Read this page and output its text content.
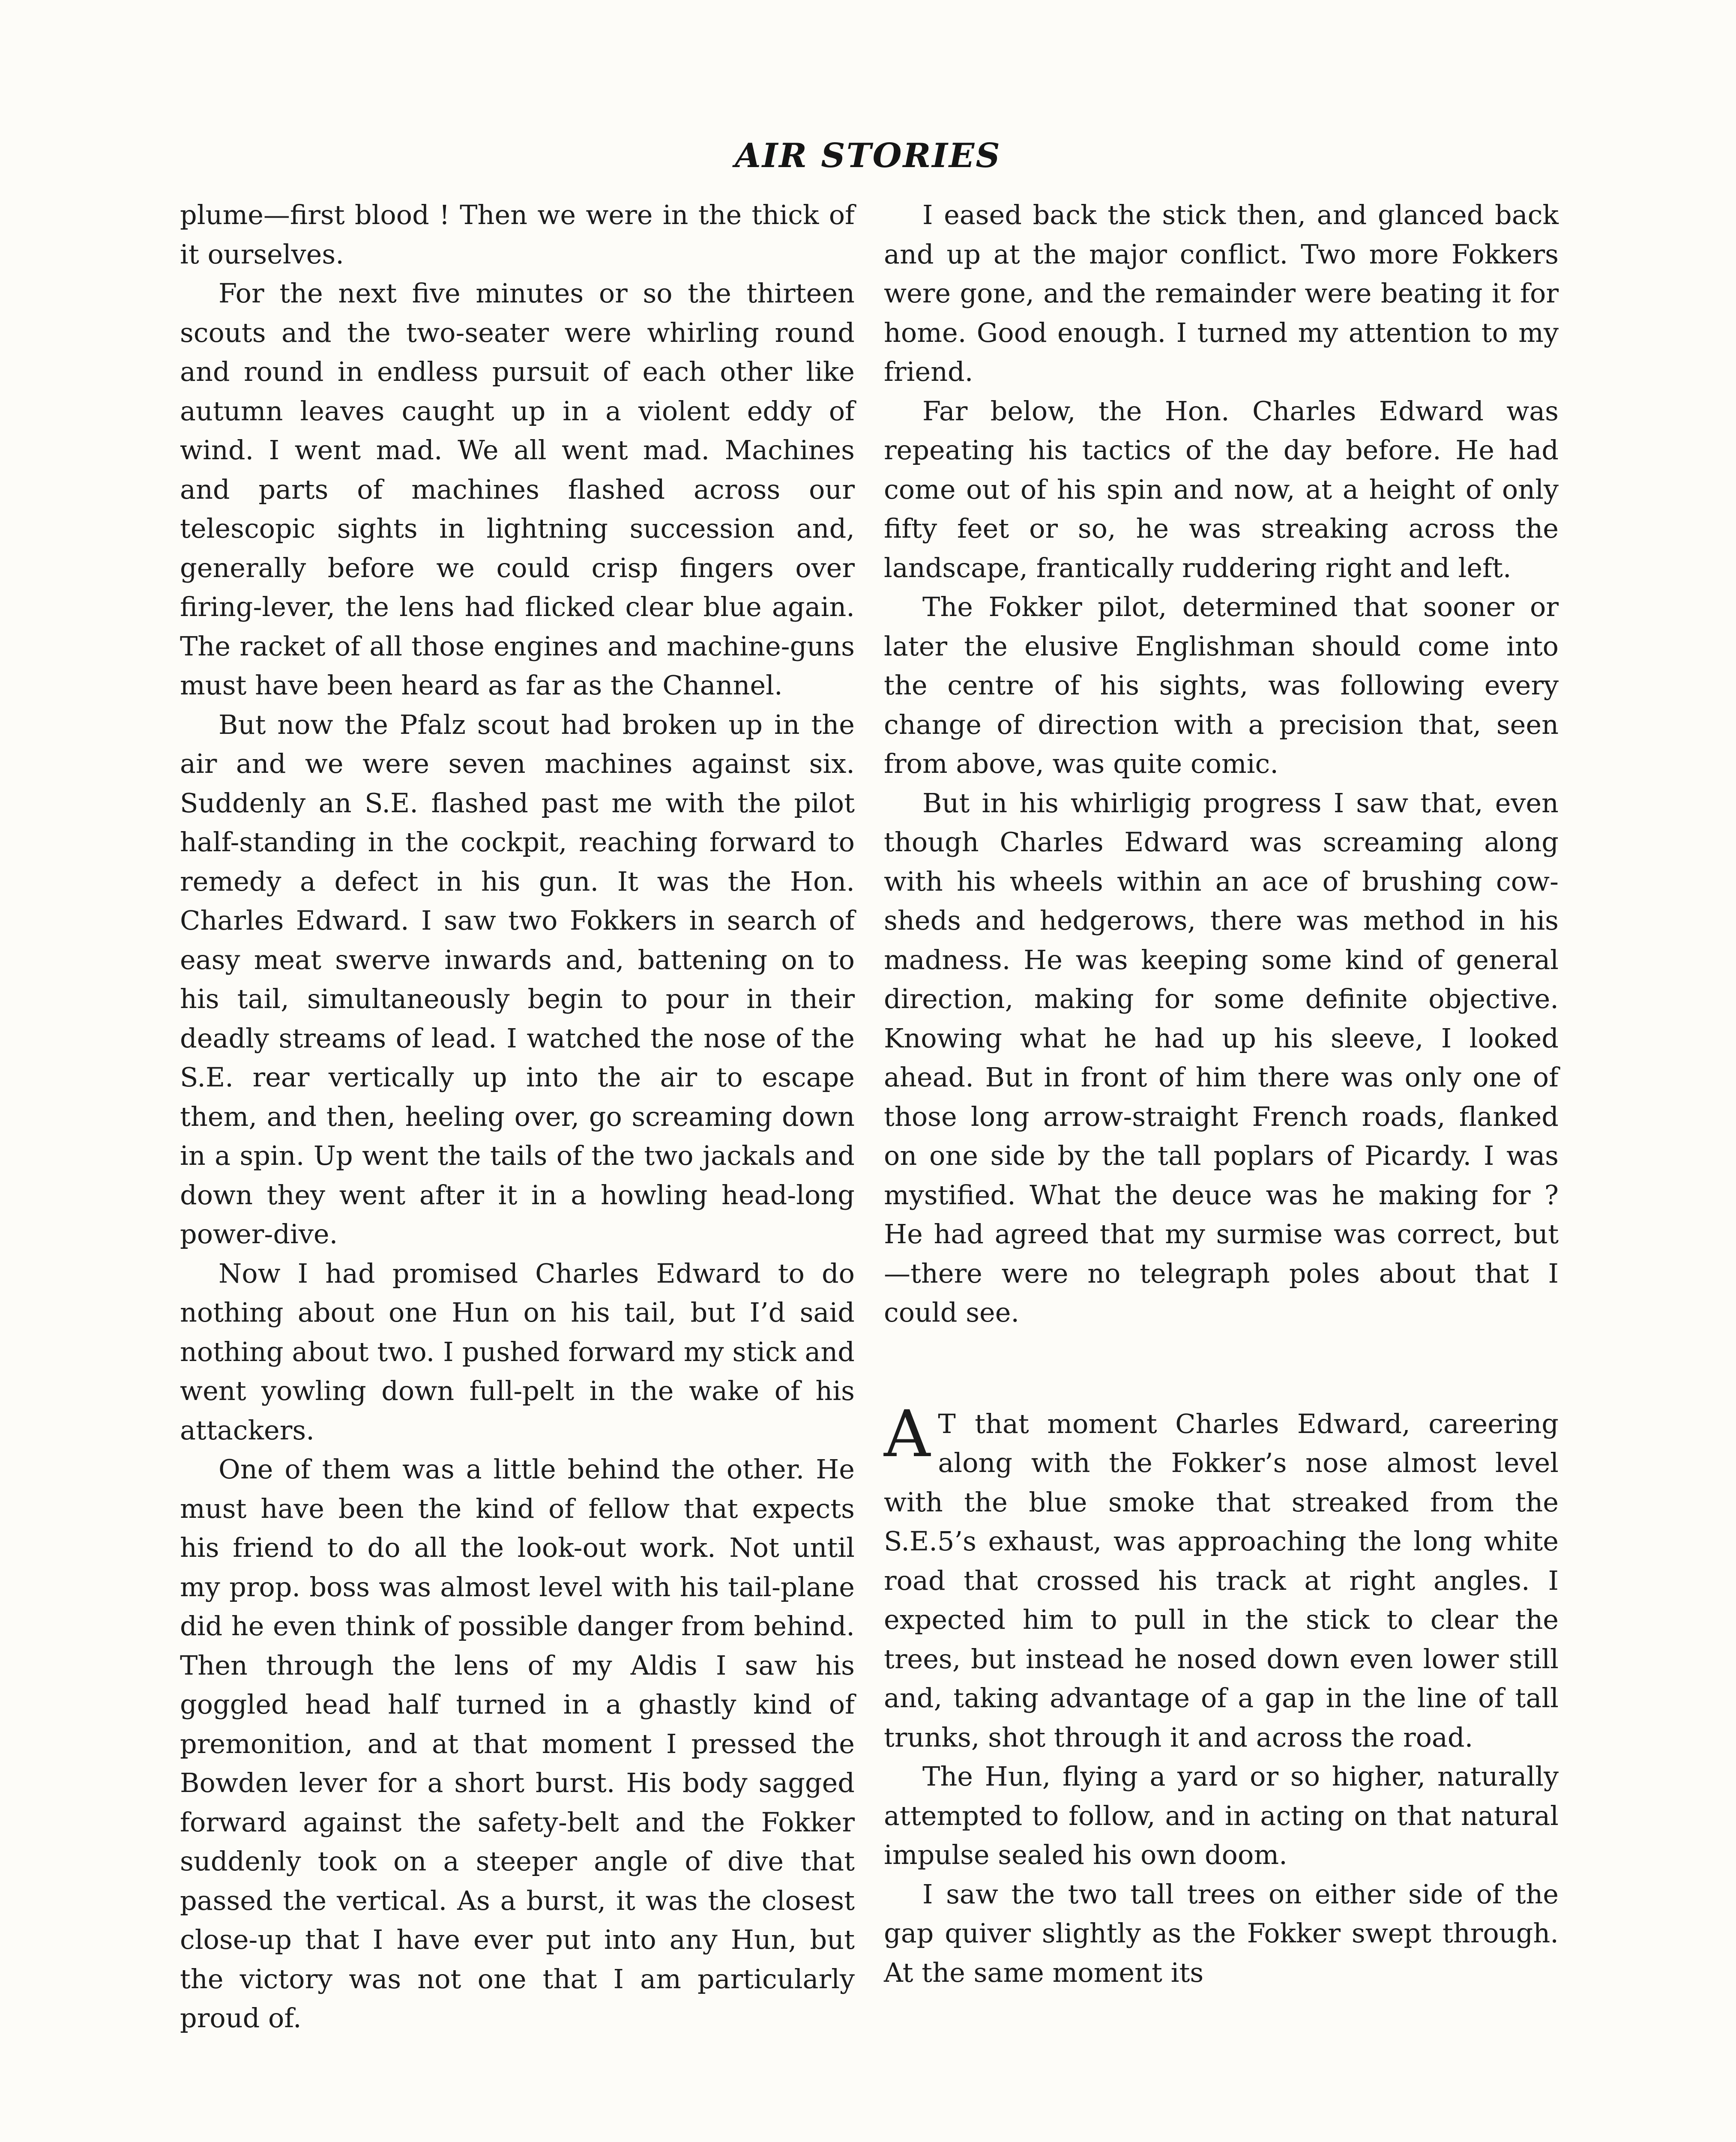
AIR STORIES

plume—first blood ! Then we were in the thick of it ourselves.

For the next five minutes or so the thirteen scouts and the two-seater were whirling round and round in endless pursuit of each other like autumn leaves caught up in a violent eddy of wind. I went mad. We all went mad. Machines and parts of machines flashed across our telescopic sights in lightning succession and, generally before we could crisp fingers over firing-lever, the lens had flicked clear blue again. The racket of all those engines and machine-guns must have been heard as far as the Channel.

But now the Pfalz scout had broken up in the air and we were seven machines against six. Suddenly an S.E. flashed past me with the pilot half-standing in the cockpit, reaching forward to remedy a defect in his gun. It was the Hon. Charles Edward. I saw two Fokkers in search of easy meat swerve inwards and, battening on to his tail, simultaneously begin to pour in their deadly streams of lead. I watched the nose of the S.E. rear vertically up into the air to escape them, and then, heeling over, go screaming down in a spin. Up went the tails of the two jackals and down they went after it in a howling head-long power-dive.

Now I had promised Charles Edward to do nothing about one Hun on his tail, but I’d said nothing about two. I pushed forward my stick and went yowling down full-pelt in the wake of his attackers.

One of them was a little behind the other. He must have been the kind of fellow that expects his friend to do all the look-out work. Not until my prop. boss was almost level with his tail-plane did he even think of possible danger from behind. Then through the lens of my Aldis I saw his goggled head half turned in a ghastly kind of premonition, and at that moment I pressed the Bowden lever for a short burst. His body sagged forward against the safety-belt and the Fokker suddenly took on a steeper angle of dive that passed the vertical. As a burst, it was the closest close-up that I have ever put into any Hun, but the victory was not one that I am particularly proud of.

I eased back the stick then, and glanced back and up at the major conflict. Two more Fokkers were gone, and the remainder were beating it for home. Good enough. I turned my attention to my friend.

Far below, the Hon. Charles Edward was repeating his tactics of the day before. He had come out of his spin and now, at a height of only fifty feet or so, he was streaking across the landscape, frantically ruddering right and left.

The Fokker pilot, determined that sooner or later the elusive Englishman should come into the centre of his sights, was following every change of direction with a precision that, seen from above, was quite comic.

But in his whirligig progress I saw that, even though Charles Edward was screaming along with his wheels within an ace of brushing cow-sheds and hedgerows, there was method in his madness. He was keeping some kind of general direction, making for some definite objective. Knowing what he had up his sleeve, I looked ahead. But in front of him there was only one of those long arrow-straight French roads, flanked on one side by the tall poplars of Picardy. I was mystified. What the deuce was he making for ? He had agreed that my surmise was correct, but—there were no telegraph poles about that I could see.

AT that moment Charles Edward, careering along with the Fokker’s nose almost level with the blue smoke that streaked from the S.E.5’s exhaust, was approaching the long white road that crossed his track at right angles. I expected him to pull in the stick to clear the trees, but instead he nosed down even lower still and, taking advantage of a gap in the line of tall trunks, shot through it and across the road.

The Hun, flying a yard or so higher, naturally attempted to follow, and in acting on that natural impulse sealed his own doom.

I saw the two tall trees on either side of the gap quiver slightly as the Fokker swept through. At the same moment its
